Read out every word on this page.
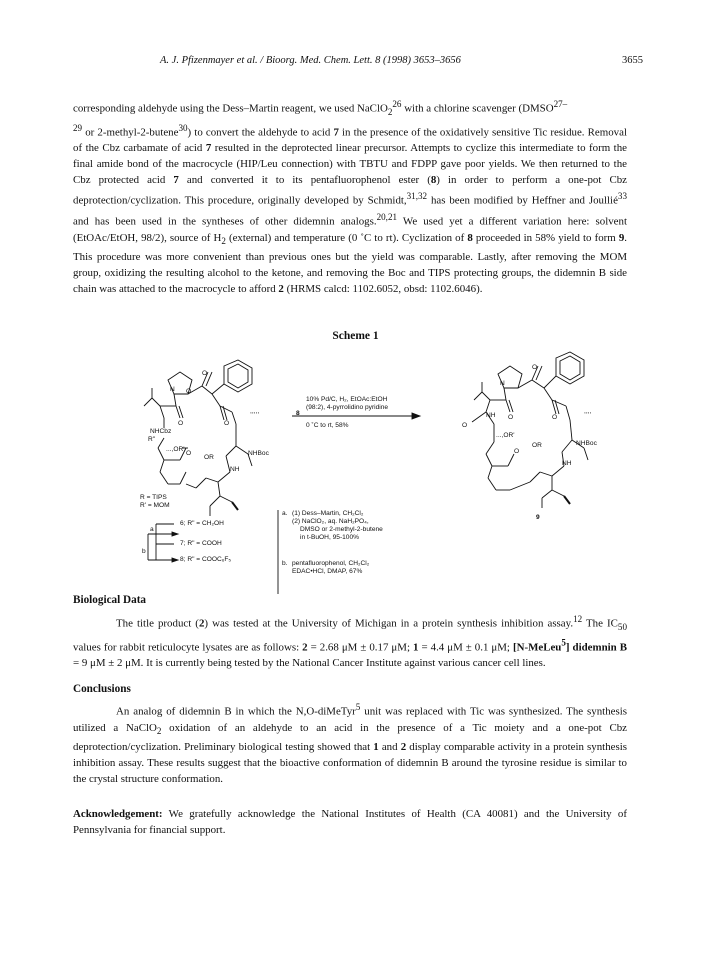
A. J. Pfizenmayer et al. / Bioorg. Med. Chem. Lett. 8 (1998) 3653–3656	3655
corresponding aldehyde using the Dess–Martin reagent, we used NaClO$_2^{26}$ with a chlorine scavenger ($DMSO^{27-}$
$^{29}$ or 2-methyl-2-butene$^{30}$) to convert the aldehyde to acid 7 in the presence of the oxidatively sensitive Tic residue. Removal of the Cbz carbamate of acid 7 resulted in the deprotected linear precursor. Attempts to cyclize this intermediate to form the final amide bond of the macrocycle (HIP/Leu connection) with TBTU and FDPP gave poor yields. We then returned to the Cbz protected acid 7 and converted it to its pentafluorophenol ester (8) in order to perform a one-pot Cbz deprotection/cyclization. This procedure, originally developed by Schmidt,$^{31,32}$ has been modified by Heffner and Joullié$^{33}$ and has been used in the syntheses of other didemnin analogs.$^{20,21}$ We used yet a different variation here: solvent (EtOAc/EtOH, 98/2), source of $H_2$ (external) and temperature (0 ˚C to rt). Cyclization of 8 proceeded in 58% yield to form 9. This procedure was more convenient than previous ones but the yield was comparable. Lastly, after removing the MOM group, oxidizing the resulting alcohol to the ketone, and removing the Boc and TIPS protecting groups, the didemnin B side chain was attached to the macrocycle to afford 2 (HRMS calcd: 1102.6052, obsd: 1102.6046).
Scheme 1
O
O
N
O	O
NHCbz
R"
...,OR'
O
OR
NHBoc
NH
,,,,,
R = TIPS
R' = MOM
10% Pd/C, H₂, EtOAc:EtOH
(98:2), 4-pyrrolidino pyridine
0 ˚C to rt, 58%
8
N
O
O
O
NH	O
...,OR'
O
OR	NHBoc
NH
,,,,
9
6; R" = CH₂OH
7; R" = COOH
8; R" = COOC₆F₅
a
b
a. (1) Dess–Martin, CH₂Cl₂
(2) NaClO₂, aq. NaH₂PO₄,
DMSO or 2-methyl-2-butene
in t-BuOH, 95-100%
b. pentafluorophenol, CH₂Cl₂
EDAC•HCl, DMAP, 67%
Biological Data
The title product (2) was tested at the University of Michigan in a protein synthesis inhibition assay.$^{12}$ The $IC_{50}$ values for rabbit reticulocyte lysates are as follows: 2 = 2.68 μM ± 0.17 μM; 1 = 4.4 μM ± 0.1 μM; [N-MeLeu$^5$] didemnin B = 9 μM ± 2 μM. It is currently being tested by the National Cancer Institute against various cancer cell lines.
Conclusions
An analog of didemnin B in which the N,O-diMeTyr$^5$ unit was replaced with Tic was synthesized. The synthesis utilized a NaClO$_2$ oxidation of an aldehyde to an acid in the presence of a Tic moiety and a one-pot Cbz deprotection/cyclization. Preliminary biological testing showed that 1 and 2 display comparable activity in a protein synthesis inhibition assay. These results suggest that the bioactive conformation of didemnin B around the tyrosine residue is similar to the crystal structure conformation.
Acknowledgement: We gratefully acknowledge the National Institutes of Health (CA 40081) and the University of Pennsylvania for financial support.
